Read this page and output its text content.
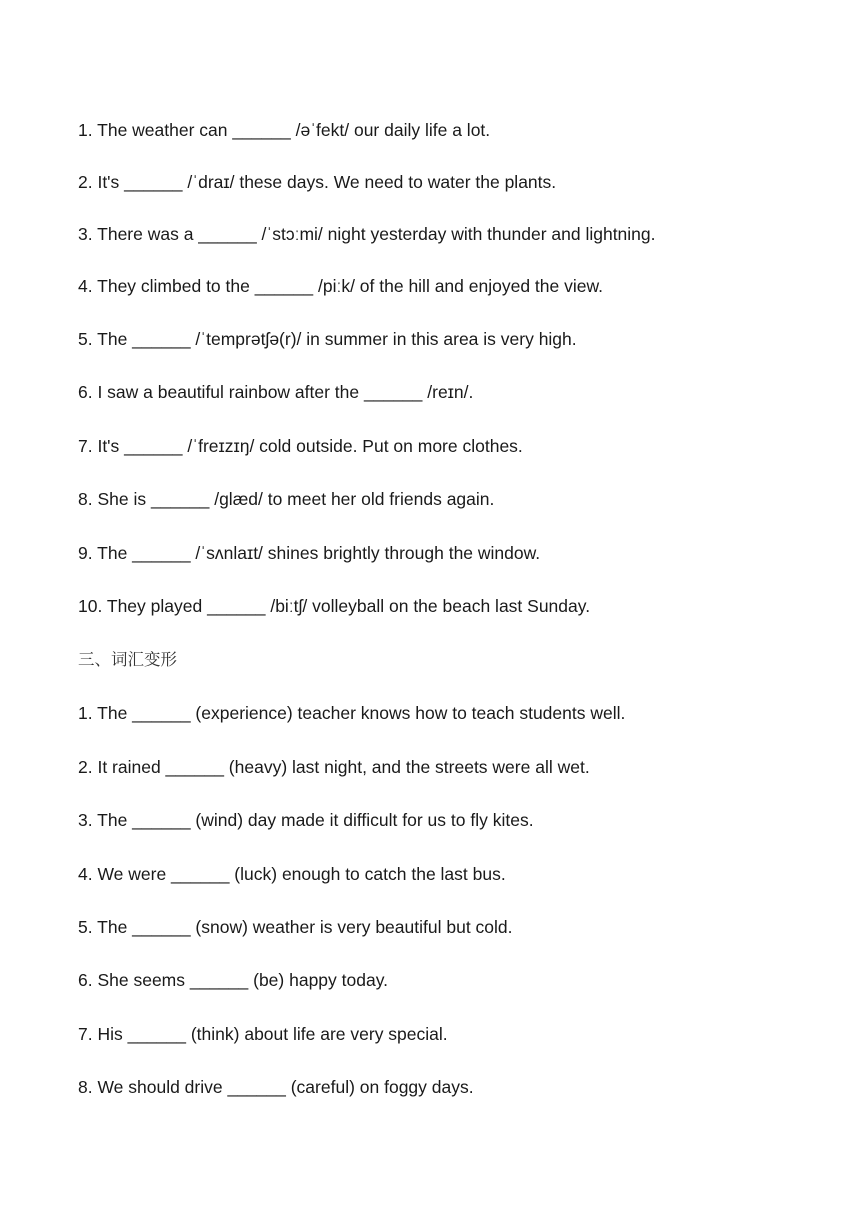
1. The weather can ______ /əˈfekt/ our daily life a lot.
2. It's ______ /ˈdraɪ/ these days. We need to water the plants.
3. There was a ______ /ˈstɔːmi/ night yesterday with thunder and lightning.
4. They climbed to the ______ /piːk/ of the hill and enjoyed the view.
5. The ______ /ˈtemprətʃə(r)/ in summer in this area is very high.
6. I saw a beautiful rainbow after the ______ /reɪn/.
7. It's ______ /ˈfreɪzɪŋ/ cold outside. Put on more clothes.
8. She is ______ /ɡlæd/ to meet her old friends again.
9. The ______ /ˈsʌnlaɪt/ shines brightly through the window.
10. They played ______ /biːtʃ/ volleyball on the beach last Sunday.
三、词汇变形
1. The ______ (experience) teacher knows how to teach students well.
2. It rained ______ (heavy) last night, and the streets were all wet.
3. The ______ (wind) day made it difficult for us to fly kites.
4. We were ______ (luck) enough to catch the last bus.
5. The ______ (snow) weather is very beautiful but cold.
6. She seems ______ (be) happy today.
7. His ______ (think) about life are very special.
8. We should drive ______ (careful) on foggy days.
